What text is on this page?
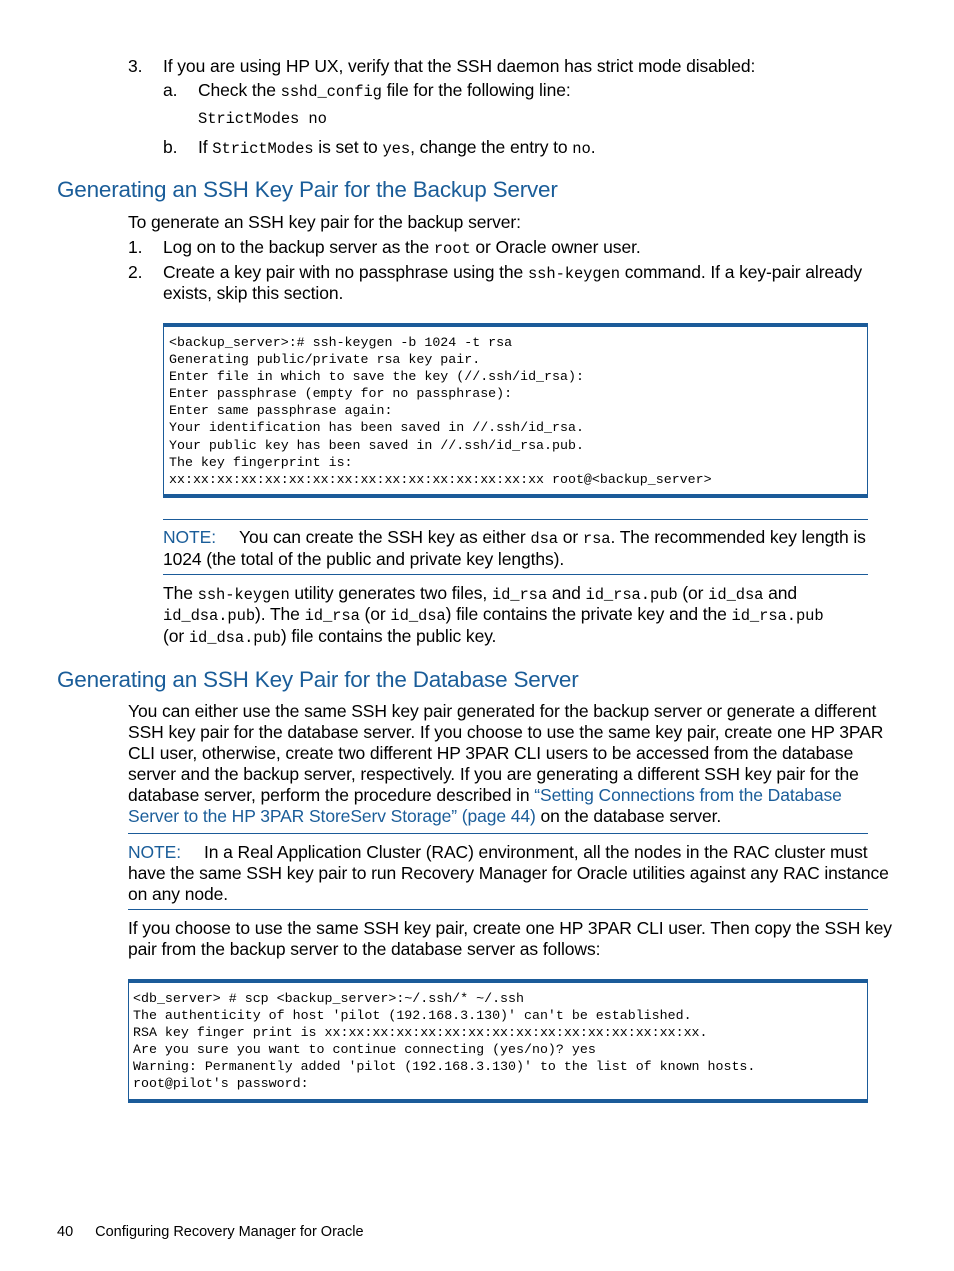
3. If you are using HP UX, verify that the SSH daemon has strict mode disabled:
a. Check the sshd_config file for the following line:
StrictModes no
b. If StrictModes is set to yes, change the entry to no.
Generating an SSH Key Pair for the Backup Server
To generate an SSH key pair for the backup server:
1. Log on to the backup server as the root or Oracle owner user.
2. Create a key pair with no passphrase using the ssh-keygen command. If a key-pair already
exists, skip this section.
<backup_server>:# ssh-keygen -b 1024 -t rsa
Generating public/private rsa key pair.
Enter file in which to save the key (//.ssh/id_rsa):
Enter passphrase (empty for no passphrase):
Enter same passphrase again:
Your identification has been saved in //.ssh/id_rsa.
Your public key has been saved in //.ssh/id_rsa.pub.
The key fingerprint is:
xx:xx:xx:xx:xx:xx:xx:xx:xx:xx:xx:xx:xx:xx:xx:xx root@<backup_server>
NOTE: You can create the SSH key as either dsa or rsa. The recommended key length is
1024 (the total of the public and private key lengths).
The ssh-keygen utility generates two files, id_rsa and id_rsa.pub (or id_dsa and
id_dsa.pub). The id_rsa (or id_dsa) file contains the private key and the id_rsa.pub
(or id_dsa.pub) file contains the public key.
Generating an SSH Key Pair for the Database Server
You can either use the same SSH key pair generated for the backup server or generate a different
SSH key pair for the database server. If you choose to use the same key pair, create one HP 3PAR
CLI user, otherwise, create two different HP 3PAR CLI users to be accessed from the database
server and the backup server, respectively. If you are generating a different SSH key pair for the
database server, perform the procedure described in “Setting Connections from the Database
Server to the HP 3PAR StoreServ Storage” (page 44) on the database server.
NOTE: In a Real Application Cluster (RAC) environment, all the nodes in the RAC cluster must
have the same SSH key pair to run Recovery Manager for Oracle utilities against any RAC instance
on any node.
If you choose to use the same SSH key pair, create one HP 3PAR CLI user. Then copy the SSH key
pair from the backup server to the database server as follows:
<db_server> # scp <backup_server>:~/.ssh/* ~/.ssh
The authenticity of host 'pilot (192.168.3.130)' can't be established.
RSA key finger print is xx:xx:xx:xx:xx:xx:xx:xx:xx:xx:xx:xx:xx:xx:xx:xx.
Are you sure you want to continue connecting (yes/no)? yes
Warning: Permanently added 'pilot (192.168.3.130)' to the list of known hosts.
root@pilot's password:
40 Configuring Recovery Manager for Oracle
